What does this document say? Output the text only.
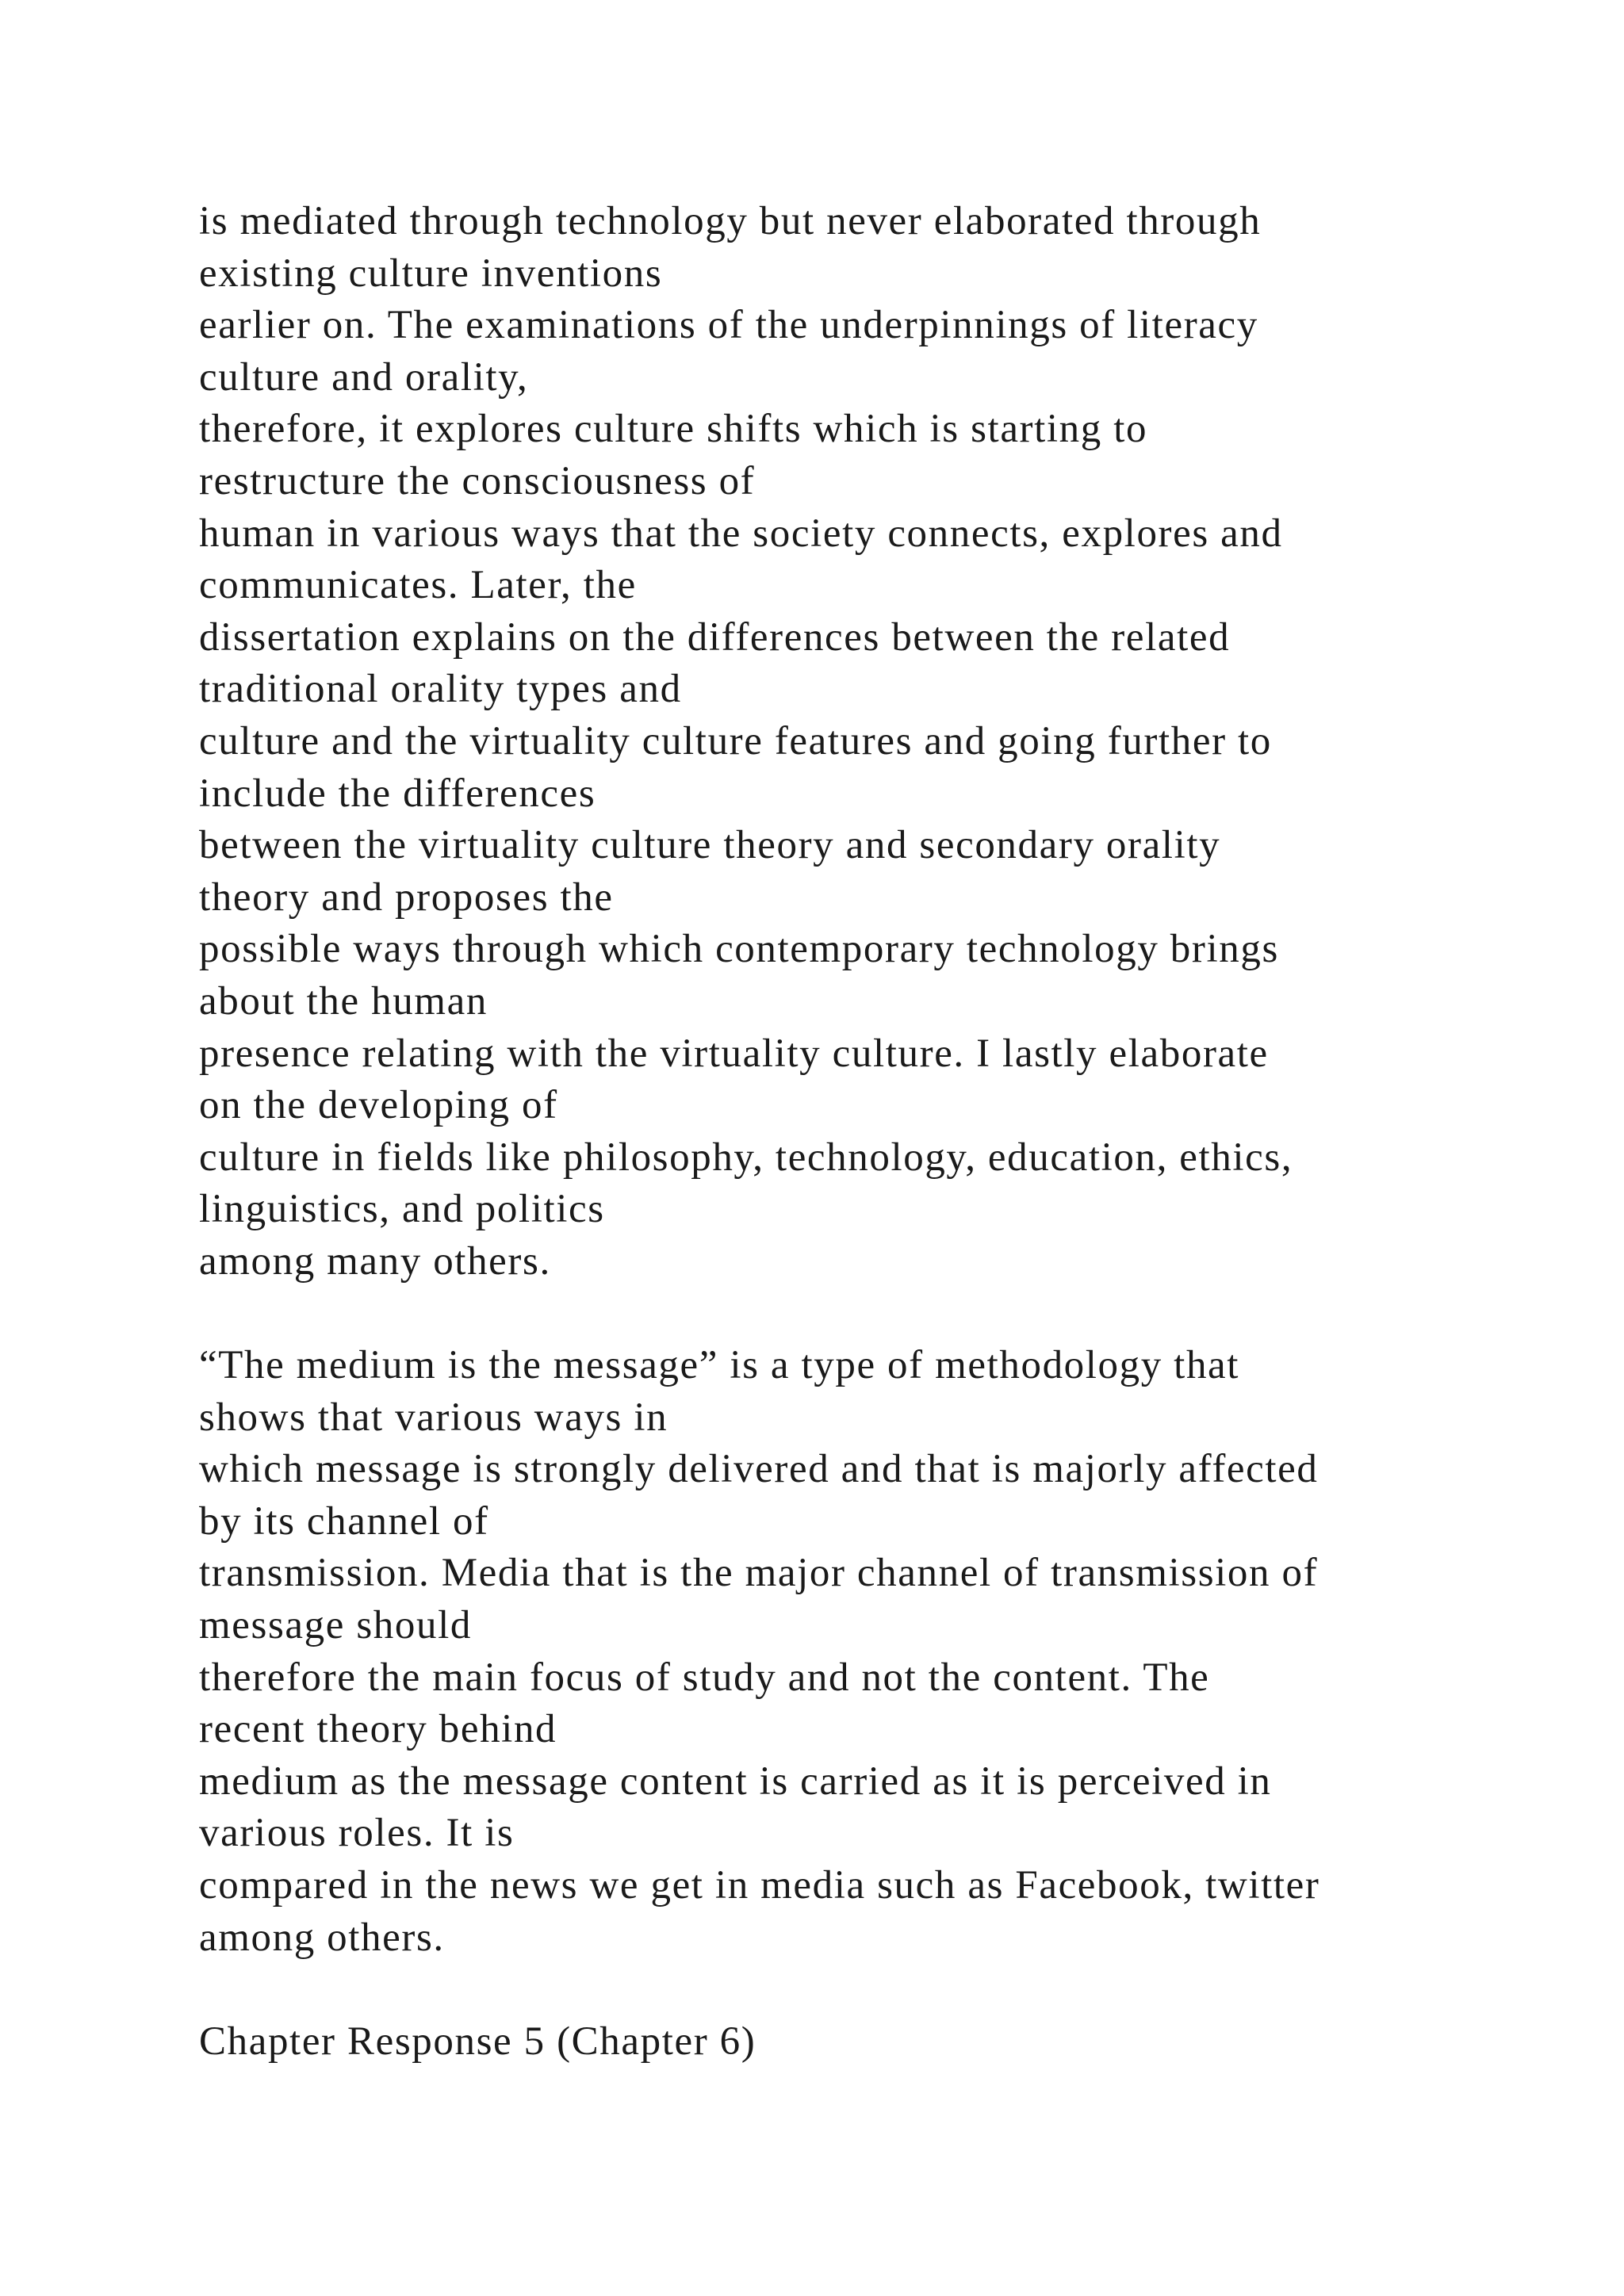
is mediated through technology but never elaborated through
existing culture inventions
earlier on. The examinations of the underpinnings of literacy
culture and orality,
therefore, it explores culture shifts which is starting to
restructure the consciousness of
human in various ways that the society connects, explores and
communicates. Later, the
dissertation explains on the differences between the related
traditional orality types and
culture and the virtuality culture features and going further to
include the differences
between the virtuality culture theory and secondary orality
theory and proposes the
possible ways through which contemporary technology brings
about the human
presence relating with the virtuality culture. I lastly elaborate
on the developing of
culture in fields like philosophy, technology, education, ethics,
linguistics, and politics
among many others.
“The medium is the message” is a type of methodology that
shows that various ways in
which message is strongly delivered and that is majorly affected
by its channel of
transmission. Media that is the major channel of transmission of
message should
therefore the main focus of study and not the content. The
recent theory behind
medium as the message content is carried as it is perceived in
various roles. It is
compared in the news we get in media such as Facebook, twitter
among others.
Chapter Response 5 (Chapter 6)
